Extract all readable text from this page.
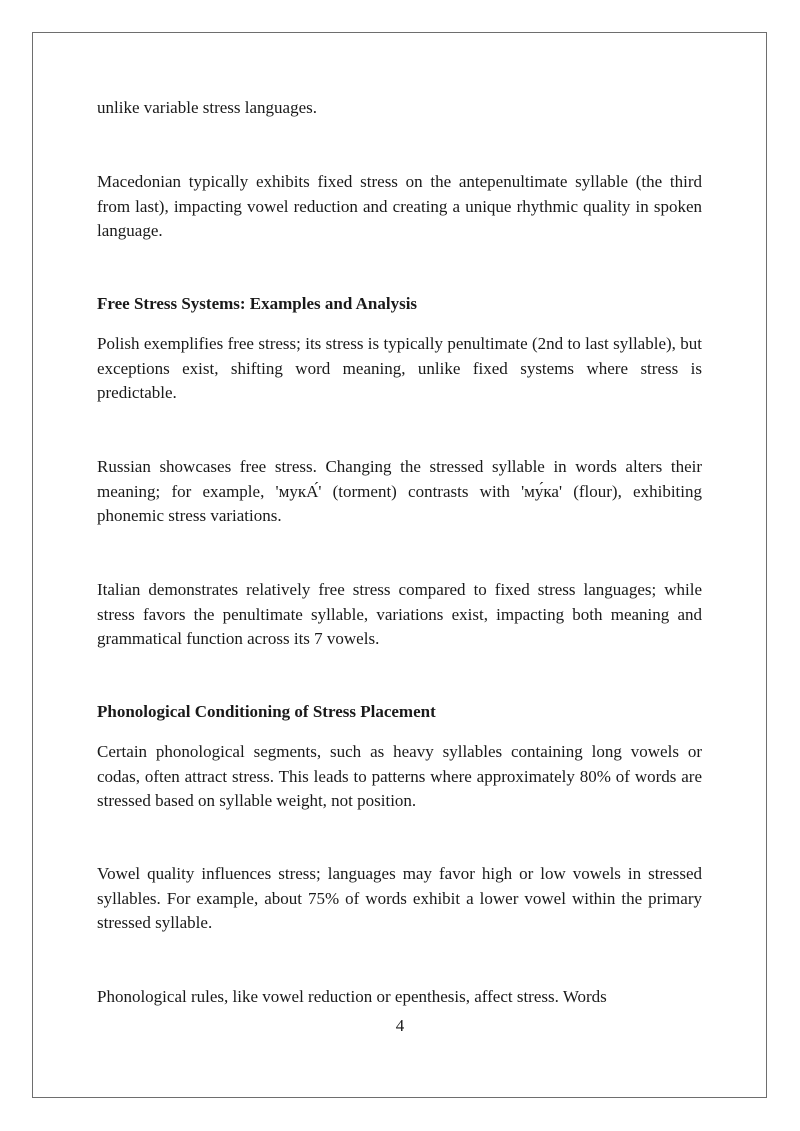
unlike variable stress languages.

Macedonian typically exhibits fixed stress on the antepenultimate syllable (the third from last), impacting vowel reduction and creating a unique rhythmic quality in spoken language.

Free Stress Systems: Examples and Analysis

Polish exemplifies free stress; its stress is typically penultimate (2nd to last syllable), but exceptions exist, shifting word meaning, unlike fixed systems where stress is predictable.

Russian showcases free stress. Changing the stressed syllable in words alters their meaning; for example, 'мукА́' (torment) contrasts with 'му́ка' (flour), exhibiting phonemic stress variations.

Italian demonstrates relatively free stress compared to fixed stress languages; while stress favors the penultimate syllable, variations exist, impacting both meaning and grammatical function across its 7 vowels.

Phonological Conditioning of Stress Placement

Certain phonological segments, such as heavy syllables containing long vowels or codas, often attract stress. This leads to patterns where approximately 80% of words are stressed based on syllable weight, not position.

Vowel quality influences stress; languages may favor high or low vowels in stressed syllables. For example, about 75% of words exhibit a lower vowel within the primary stressed syllable.

Phonological rules, like vowel reduction or epenthesis, affect stress. Words

4
